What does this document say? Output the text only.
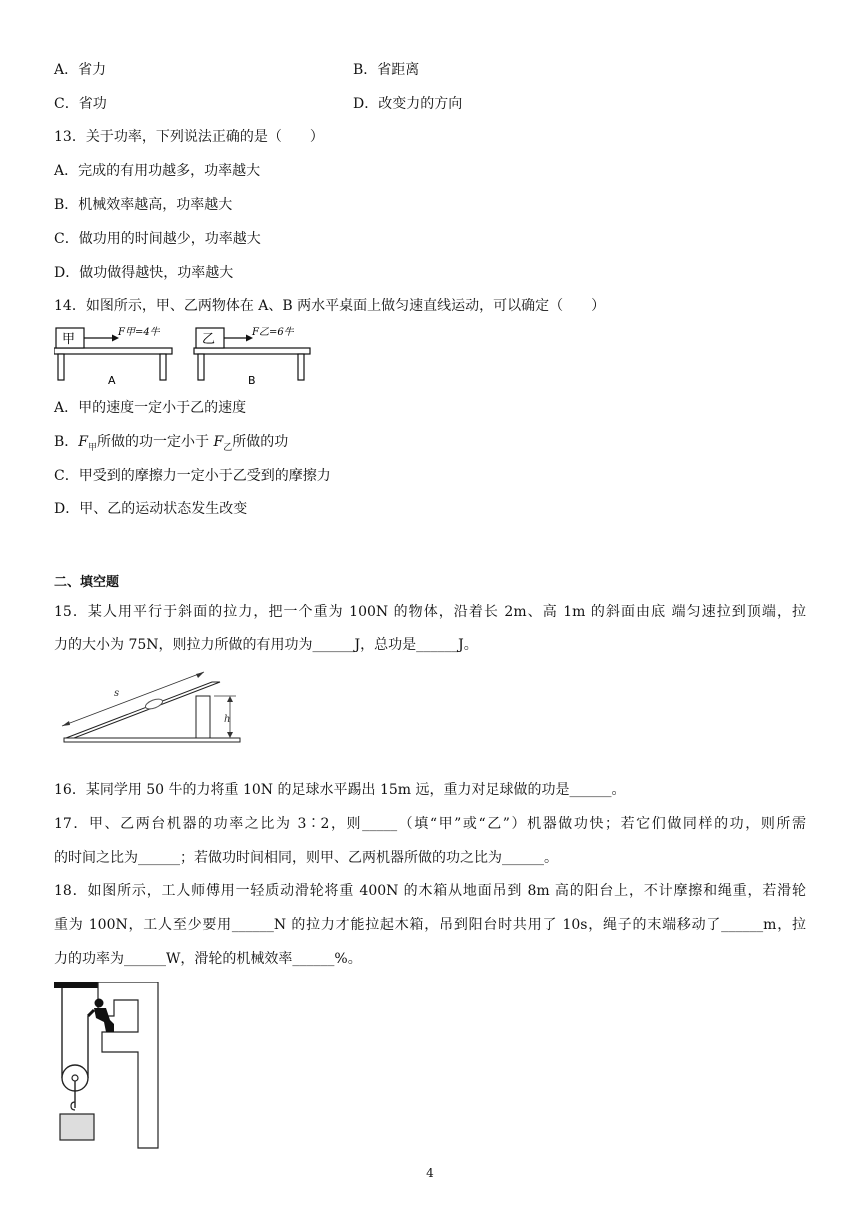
A．省力	B．省距离
C．省功	D．改变力的方向
13．关于功率，下列说法正确的是（　　）
A．完成的有用功越多，功率越大
B．机械效率越高，功率越大
C．做功用的时间越少，功率越大
D．做功做得越快，功率越大
14．如图所示，甲、乙两物体在 A、B 两水平桌面上做匀速直线运动，可以确定（　　）
甲	F甲=4牛
A
乙	F乙=6牛
B
A．甲的速度一定小于乙的速度
B．$F_甲$所做的功一定小于 $F_乙$所做的功
C．甲受到的摩擦力一定小于乙受到的摩擦力
D．甲、乙的运动状态发生改变
二、填空题
15．某人用平行于斜面的拉力，把一个重为 100N 的物体，沿着长 2m、高 1m 的斜面由底 端匀速拉到顶端，拉
力的大小为 75N，则拉力所做的有用功为______J，总功是______J。
s
h
16．某同学用 50 牛的力将重 10N 的足球水平踢出 15m 远，重力对足球做的功是______。
17．甲、乙两台机器的功率之比为 3∶2，则_____（填“甲”或“乙”）机器做功快；若它们做同样的功，则所需
的时间之比为______；若做功时间相同，则甲、乙两机器所做的功之比为______。
18．如图所示，工人师傅用一轻质动滑轮将重 400N 的木箱从地面吊到 8m 高的阳台上，不计摩擦和绳重，若滑轮
重为 100N，工人至少要用______N 的拉力才能拉起木箱，吊到阳台时共用了 10s，绳子的末端移动了______m，拉
力的功率为______W，滑轮的机械效率______%。
4
